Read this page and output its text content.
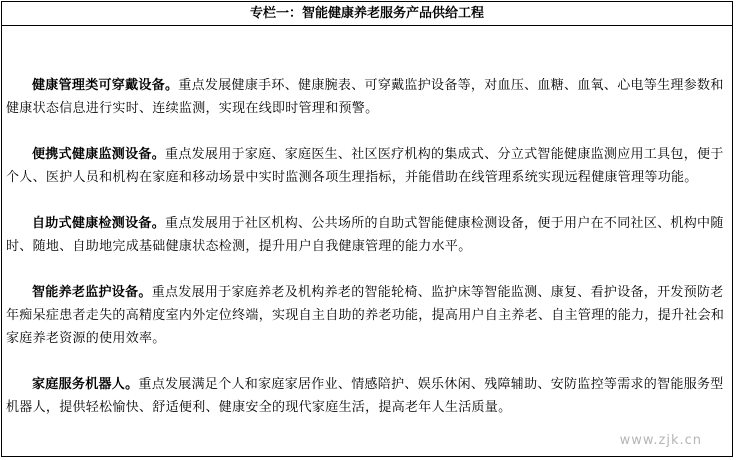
专栏一：智能健康养老服务产品供给工程

健康管理类可穿戴设备。重点发展健康手环、健康腕表、可穿戴监护设备等，对血压、血糖、血氧、心电等生理参数和健康状态信息进行实时、连续监测，实现在线即时管理和预警。

便携式健康监测设备。重点发展用于家庭、家庭医生、社区医疗机构的集成式、分立式智能健康监测应用工具包，便于个人、医护人员和机构在家庭和移动场景中实时监测各项生理指标，并能借助在线管理系统实现远程健康管理等功能。

自助式健康检测设备。重点发展用于社区机构、公共场所的自助式智能健康检测设备，便于用户在不同社区、机构中随时、随地、自助地完成基础健康状态检测，提升用户自我健康管理的能力水平。

智能养老监护设备。重点发展用于家庭养老及机构养老的智能轮椅、监护床等智能监测、康复、看护设备，开发预防老年痴呆症患者走失的高精度室内外定位终端，实现自主自助的养老功能，提高用户自主养老、自主管理的能力，提升社会和家庭养老资源的使用效率。

家庭服务机器人。重点发展满足个人和家庭家居作业、情感陪护、娱乐休闲、残障辅助、安防监控等需求的智能服务型机器人，提供轻松愉快、舒适便利、健康安全的现代家庭生活，提高老年人生活质量。

www.zjk.cn
